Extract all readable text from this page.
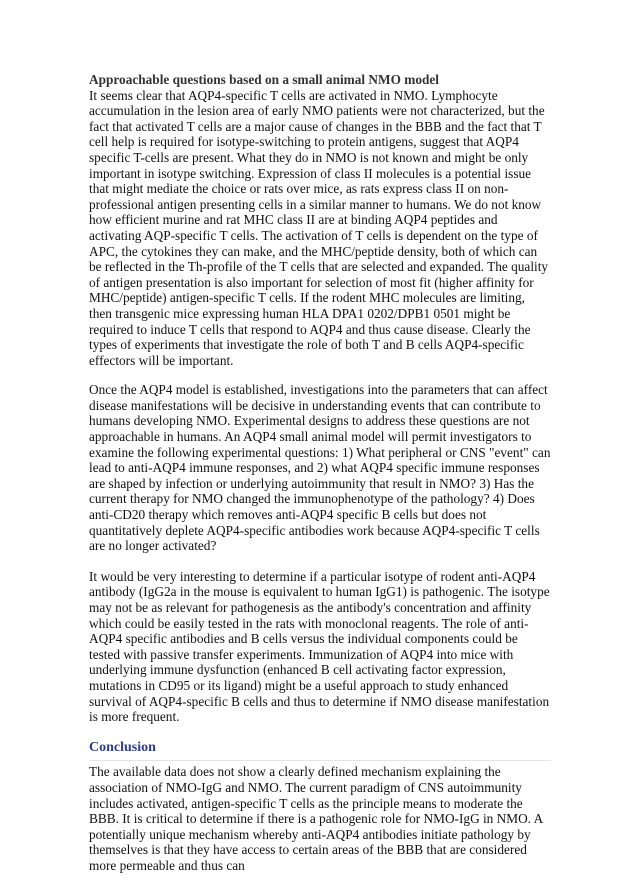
Approachable questions based on a small animal NMO model
It seems clear that AQP4-specific T cells are activated in NMO. Lymphocyte accumulation in the lesion area of early NMO patients were not characterized, but the fact that activated T cells are a major cause of changes in the BBB and the fact that T cell help is required for isotype-switching to protein antigens, suggest that AQP4 specific T-cells are present. What they do in NMO is not known and might be only important in isotype switching. Expression of class II molecules is a potential issue that might mediate the choice or rats over mice, as rats express class II on non-professional antigen presenting cells in a similar manner to humans. We do not know how efficient murine and rat MHC class II are at binding AQP4 peptides and activating AQP-specific T cells. The activation of T cells is dependent on the type of APC, the cytokines they can make, and the MHC/peptide density, both of which can be reflected in the Th-profile of the T cells that are selected and expanded. The quality of antigen presentation is also important for selection of most fit (higher affinity for MHC/peptide) antigen-specific T cells. If the rodent MHC molecules are limiting, then transgenic mice expressing human HLA DPA1 0202/DPB1 0501 might be required to induce T cells that respond to AQP4 and thus cause disease. Clearly the types of experiments that investigate the role of both T and B cells AQP4-specific effectors will be important.

Once the AQP4 model is established, investigations into the parameters that can affect disease manifestations will be decisive in understanding events that can contribute to humans developing NMO. Experimental designs to address these questions are not approachable in humans. An AQP4 small animal model will permit investigators to examine the following experimental questions: 1) What peripheral or CNS "event" can lead to anti-AQP4 immune responses, and 2) what AQP4 specific immune responses are shaped by infection or underlying autoimmunity that result in NMO? 3) Has the current therapy for NMO changed the immunophenotype of the pathology? 4) Does anti-CD20 therapy which removes anti-AQP4 specific B cells but does not quantitatively deplete AQP4-specific antibodies work because AQP4-specific T cells are no longer activated?

It would be very interesting to determine if a particular isotype of rodent anti-AQP4 antibody (IgG2a in the mouse is equivalent to human IgG1) is pathogenic. The isotype may not be as relevant for pathogenesis as the antibody's concentration and affinity which could be easily tested in the rats with monoclonal reagents. The role of anti-AQP4 specific antibodies and B cells versus the individual components could be tested with passive transfer experiments. Immunization of AQP4 into mice with underlying immune dysfunction (enhanced B cell activating factor expression, mutations in CD95 or its ligand) might be a useful approach to study enhanced survival of AQP4-specific B cells and thus to determine if NMO disease manifestation is more frequent.

Conclusion

The available data does not show a clearly defined mechanism explaining the association of NMO-IgG and NMO. The current paradigm of CNS autoimmunity includes activated, antigen-specific T cells as the principle means to moderate the BBB. It is critical to determine if there is a pathogenic role for NMO-IgG in NMO. A potentially unique mechanism whereby anti-AQP4 antibodies initiate pathology by themselves is that they have access to certain areas of the BBB that are considered more permeable and thus can
